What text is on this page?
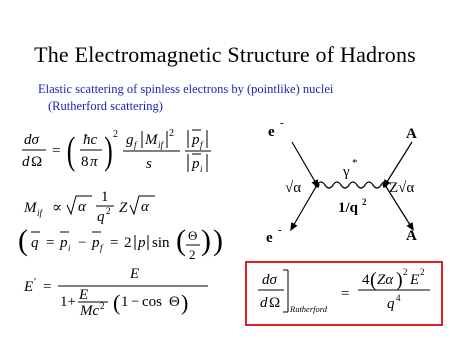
The Electromagnetic Structure of Hadrons
Elastic scattering of spinless electrons by (pointlike) nuclei
(Rutherford scattering)
dσ
d Ω
= ( ħc
8 π ) 2 g f M if
2
s
p f
p i
M if ∝ α
1
q 2 Z α
( q = p i − p f = 2 p sin ( Θ
2 ) )
E ′ =
E
1+ E
Mc 2 ( 1 − cos Θ )
e
-
e -
A
A
√α	Z√α
γ
*
1/q 2
dσ
d Ω Rutherford
=
4 ( Zα ) 2 E 2
q 4
